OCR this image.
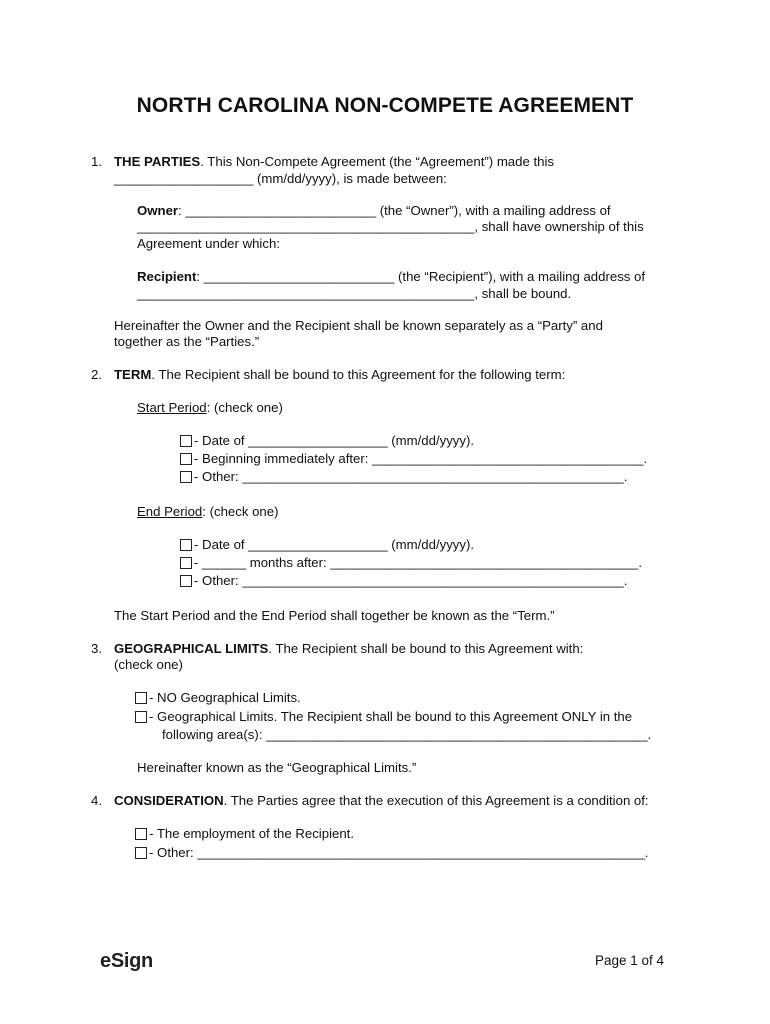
NORTH CAROLINA NON-COMPETE AGREEMENT
1. THE PARTIES. This Non-Compete Agreement (the “Agreement”) made this
___________________ (mm/dd/yyyy), is made between:
Owner: __________________________ (the “Owner”), with a mailing address of
______________________________________________, shall have ownership of this
Agreement under which:
Recipient: __________________________ (the “Recipient”), with a mailing address of
______________________________________________, shall be bound.
Hereinafter the Owner and the Recipient shall be known separately as a “Party” and
together as the “Parties.”
2. TERM. The Recipient shall be bound to this Agreement for the following term:
Start Period: (check one)
- Date of ___________________ (mm/dd/yyyy).
- Beginning immediately after: _____________________________________.
- Other: ____________________________________________________.
End Period: (check one)
- Date of ___________________ (mm/dd/yyyy).
- ______ months after: __________________________________________.
- Other: ____________________________________________________.
The Start Period and the End Period shall together be known as the “Term.”
3. GEOGRAPHICAL LIMITS. The Recipient shall be bound to this Agreement with:
(check one)
- NO Geographical Limits.
- Geographical Limits. The Recipient shall be bound to this Agreement ONLY in the
following area(s): ____________________________________________________.
Hereinafter known as the “Geographical Limits.”
4. CONSIDERATION. The Parties agree that the execution of this Agreement is a condition of:
- The employment of the Recipient.
- Other: _____________________________________________________________.
eSign	Page 1 of 4
